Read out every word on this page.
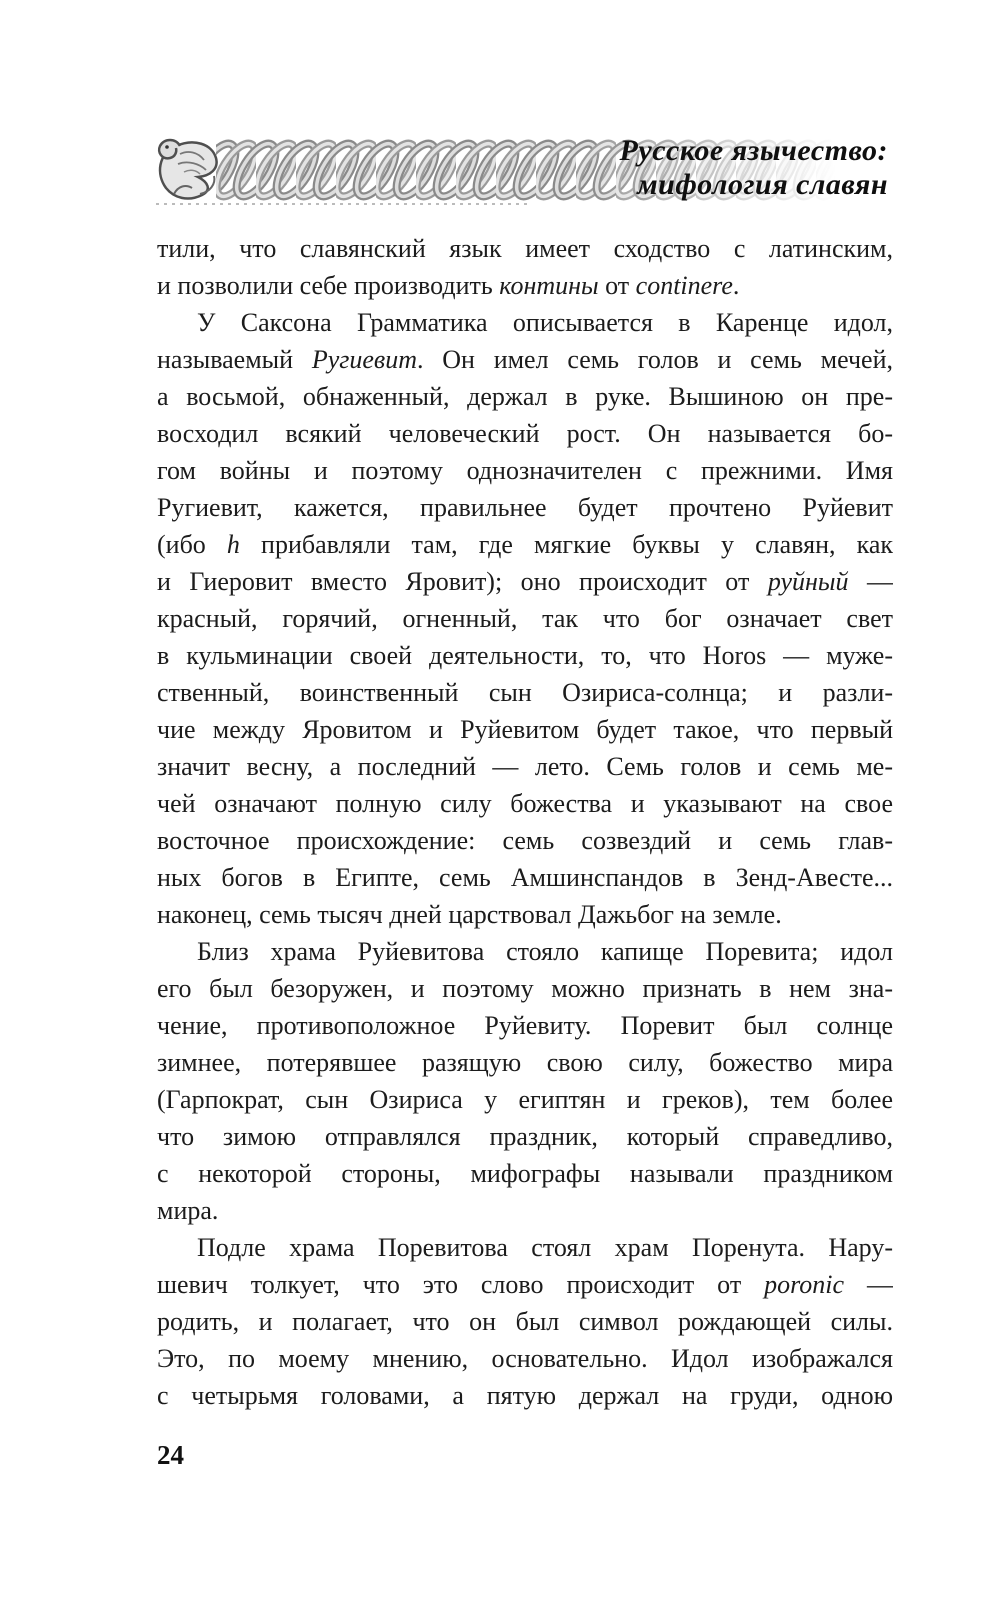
Русское язычество:
мифология славян
тили, что славянский язык имеет сходство с латинским,
и позволили себе производить контины от continere.
У Саксона Грамматика описывается в Каренце идол,
называемый Ругиевит. Он имел семь голов и семь мечей,
а восьмой, обнаженный, держал в руке. Вышиною он пре-
восходил всякий человеческий рост. Он называется бо-
гом войны и поэтому однозначителен с прежними. Имя
Ругиевит, кажется, правильнее будет прочтено Руйевит
(ибо h прибавляли там, где мягкие буквы у славян, как
и Гиеровит вместо Яровит); оно происходит от руйный —
красный, горячий, огненный, так что бог означает свет
в кульминации своей деятельности, то, что Horos — муже-
ственный, воинственный сын Озириса-солнца; и разли-
чие между Яровитом и Руйевитом будет такое, что первый
значит весну, а последний — лето. Семь голов и семь ме-
чей означают полную силу божества и указывают на свое
восточное происхождение: семь созвездий и семь глав-
ных богов в Египте, семь Амшинспандов в Зенд-Авесте...
наконец, семь тысяч дней царствовал Дажьбог на земле.
Близ храма Руйевитова стояло капище Поревита; идол
его был безоружен, и поэтому можно признать в нем зна-
чение, противоположное Руйевиту. Поревит был солнце
зимнее, потерявшее разящую свою силу, божество мира
(Гарпократ, сын Озириса у египтян и греков), тем более
что зимою отправлялся праздник, который справедливо,
с некоторой стороны, мифографы называли праздником
мира.
Подле храма Поревитова стоял храм Поренута. Нару-
шевич толкует, что это слово происходит от poronic —
родить, и полагает, что он был символ рождающей силы.
Это, по моему мнению, основательно. Идол изображался
с четырьмя головами, а пятую держал на груди, одною
24
